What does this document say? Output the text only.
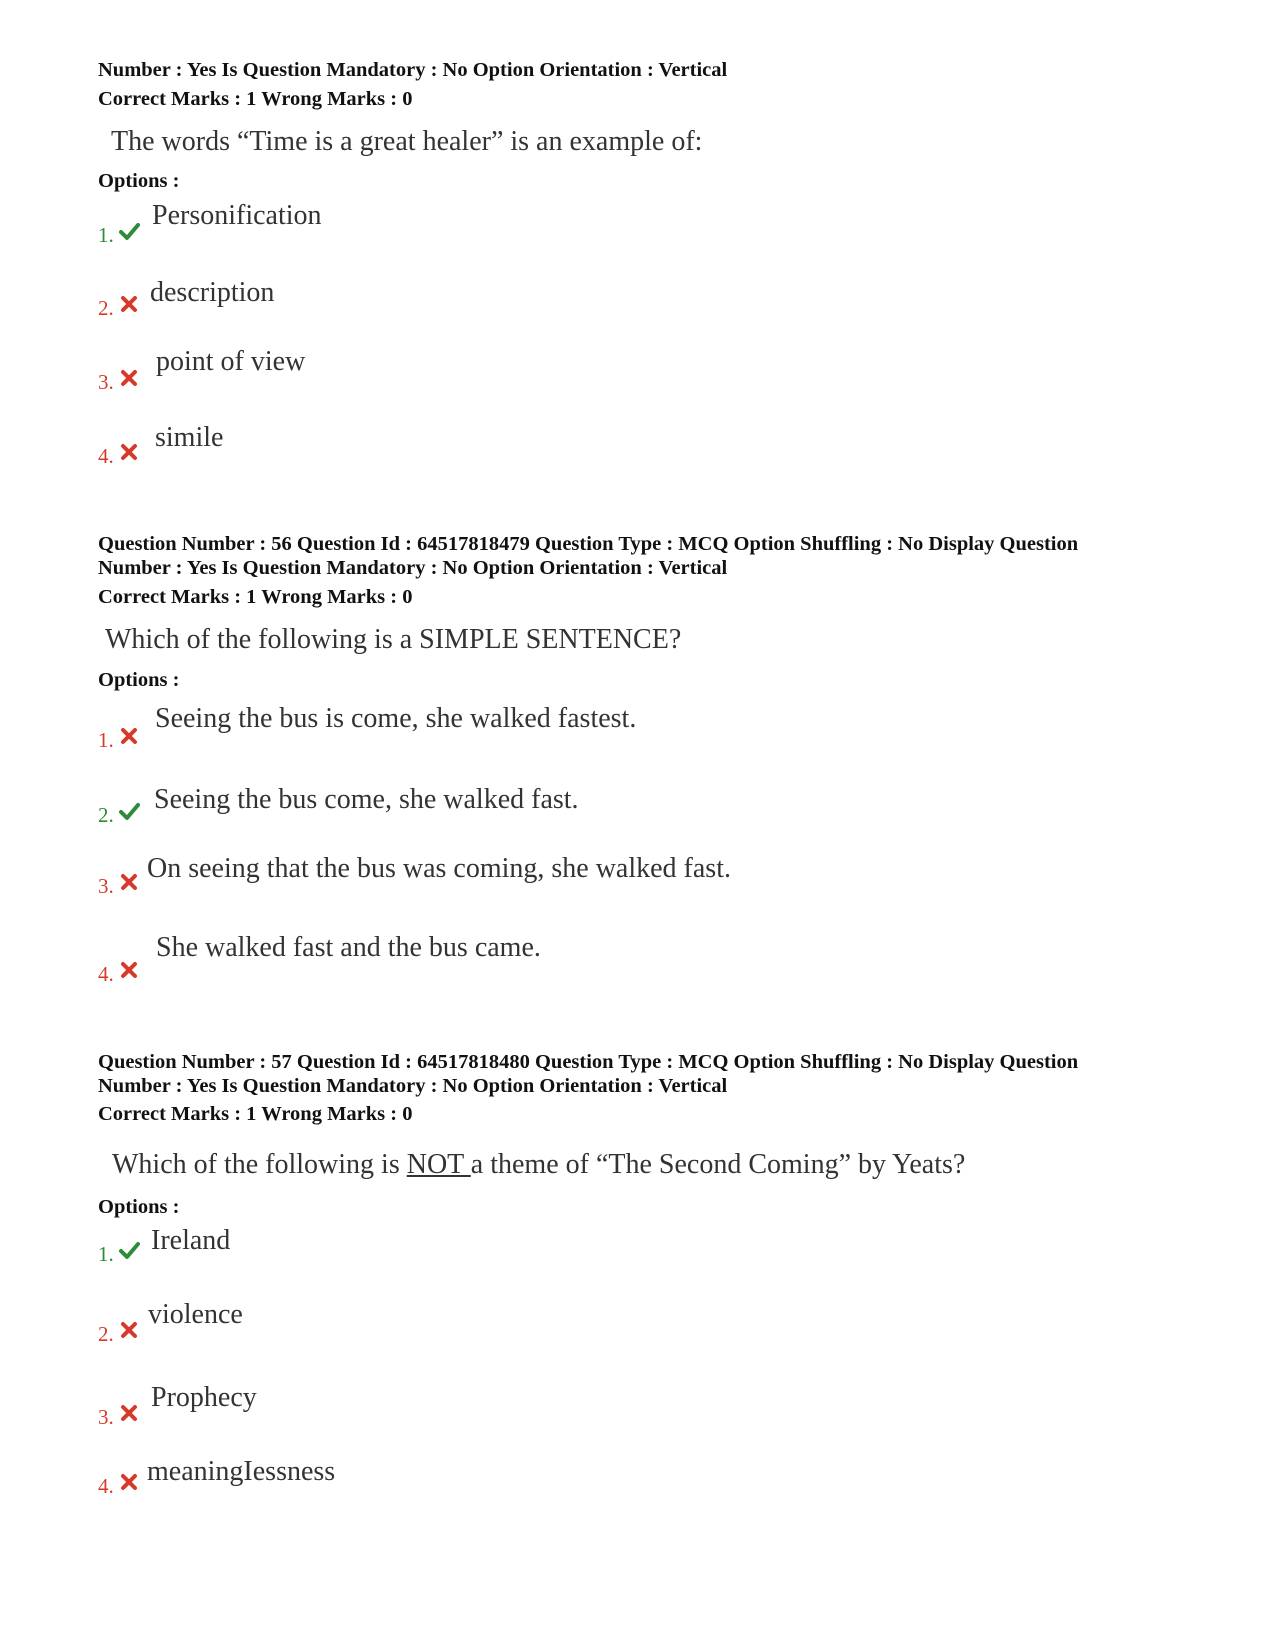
Number : Yes Is Question Mandatory : No Option Orientation : Vertical
Correct Marks : 1 Wrong Marks : 0
The words “Time is a great healer” is an example of:
Options :
1.
Personification
2. description
3.
point of view
4.
simile
Question Number : 56 Question Id : 64517818479 Question Type : MCQ Option Shuffling : No Display Question
Number : Yes Is Question Mandatory : No Option Orientation : Vertical
Correct Marks : 1 Wrong Marks : 0
Which of the following is a SIMPLE SENTENCE?
Options :
1.
Seeing the bus is come, she walked fastest.
2. Seeing the bus come, she walked fast.
3.
On seeing that the bus was coming, she walked fast.
4.
She walked fast and the bus came.
Question Number : 57 Question Id : 64517818480 Question Type : MCQ Option Shuffling : No Display Question
Number : Yes Is Question Mandatory : No Option Orientation : Vertical
Correct Marks : 1 Wrong Marks : 0
Which of the following is NOT a theme of “The Second Coming” by Yeats?
Options :
1. Ireland
2.
violence
3.
Prophecy
4. meaningIessness
